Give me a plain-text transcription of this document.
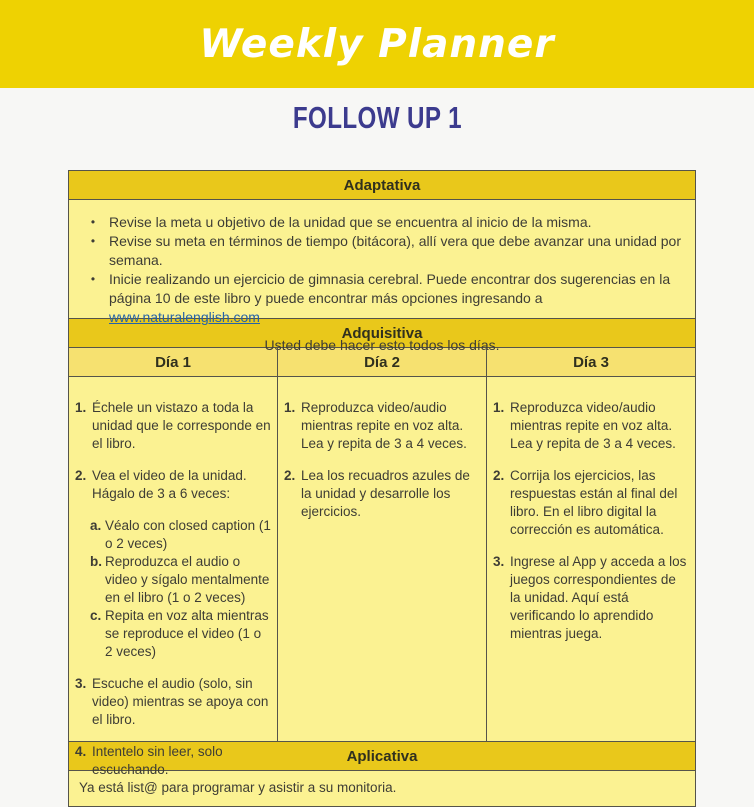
Weekly Planner
FOLLOW UP 1
Adaptativa
• Revise la meta u objetivo de la unidad que se encuentra al inicio de la misma.
• Revise su meta en términos de tiempo (bitácora), allí vera que debe avanzar una unidad por semana.
• Inicie realizando un ejercicio de gimnasia cerebral. Puede encontrar dos sugerencias en la página 10 de este libro y puede encontrar más opciones ingresando a www.naturalenglish.com
Usted debe hacer esto todos los días.
Adquisitiva
Día 1	Día 2	Día 3
1. Échele un vistazo a toda la unidad que le corresponde en el libro.
2. Vea el video de la unidad. Hágalo de 3 a 6 veces:
a. Véalo con closed caption (1 o 2 veces)
b. Reproduzca el audio o video y sígalo mentalmente en el libro (1 o 2 veces)
c. Repita en voz alta mientras se reproduce el video (1 o 2 veces)
3. Escuche el audio (solo, sin video) mientras se apoya con el libro.
4. Intentelo sin leer, solo escuchando.
1. Reproduzca video/audio mientras repite en voz alta. Lea y repita de 3 a 4 veces.
2. Lea los recuadros azules de la unidad y desarrolle los ejercicios.
1. Reproduzca video/audio mientras repite en voz alta. Lea y repita de 3 a 4 veces.
2. Corrija los ejercicios, las respuestas están al final del libro. En el libro digital la corrección es automática.
3. Ingrese al App y acceda a los juegos correspondientes de la unidad. Aquí está verificando lo aprendido mientras juega.
Aplicativa
Ya está list@ para programar y asistir a su monitoria.
